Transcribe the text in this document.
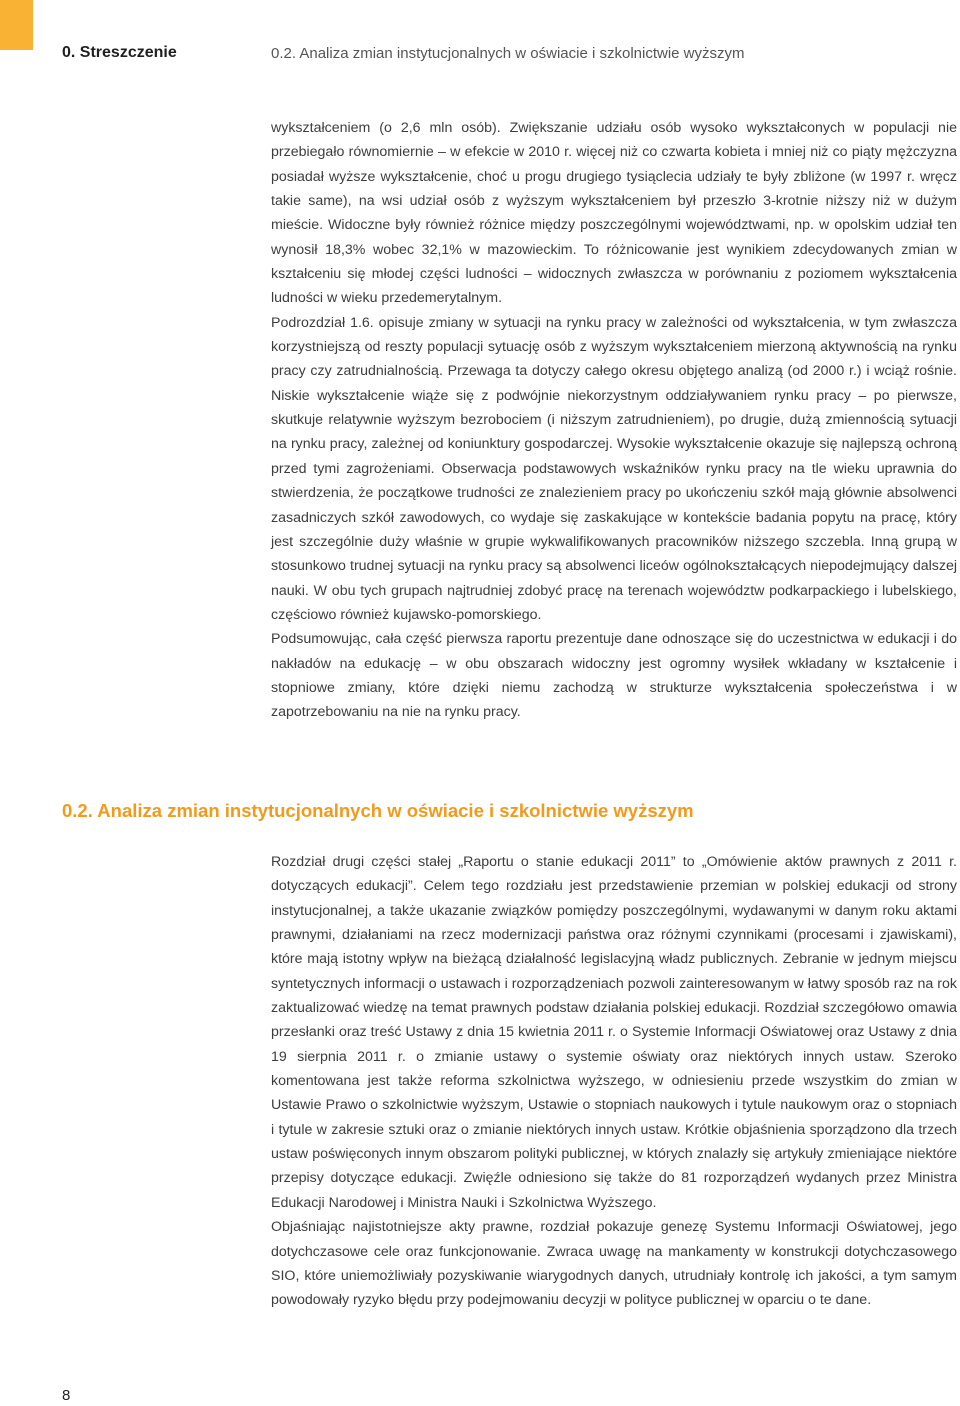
0. Streszczenie	0.2. Analiza zmian instytucjonalnych w oświacie i szkolnictwie wyższym

wykształceniem (o 2,6 mln osób). Zwiększanie udziału osób wysoko wykształconych w populacji nie przebiegało równomiernie – w efekcie w 2010 r. więcej niż co czwarta kobieta i mniej niż co piąty mężczyzna posiadał wyższe wykształcenie, choć u progu drugiego tysiąclecia udziały te były zbliżone (w 1997 r. wręcz takie same), na wsi udział osób z wyższym wykształceniem był przeszło 3-krotnie niższy niż w dużym mieście. Widoczne były również różnice między poszczególnymi województwami, np. w opolskim udział ten wynosił 18,3% wobec 32,1% w mazowieckim. To różnicowanie jest wynikiem zdecydowanych zmian w kształceniu się młodej części ludności – widocznych zwłaszcza w porównaniu z poziomem wykształcenia ludności w wieku przedemerytalnym.

Podrozdział 1.6. opisuje zmiany w sytuacji na rynku pracy w zależności od wykształcenia, w tym zwłaszcza korzystniejszą od reszty populacji sytuację osób z wyższym wykształceniem mierzoną aktywnością na rynku pracy czy zatrudnialnością. Przewaga ta dotyczy całego okresu objętego analizą (od 2000 r.) i wciąż rośnie. Niskie wykształcenie wiąże się z podwójnie niekorzystnym oddziaływaniem rynku pracy – po pierwsze, skutkuje relatywnie wyższym bezrobociem (i niższym zatrudnieniem), po drugie, dużą zmiennością sytuacji na rynku pracy, zależnej od koniunktury gospodarczej. Wysokie wykształcenie okazuje się najlepszą ochroną przed tymi zagrożeniami. Obserwacja podstawowych wskaźników rynku pracy na tle wieku uprawnia do stwierdzenia, że początkowe trudności ze znalezieniem pracy po ukończeniu szkół mają głównie absolwenci zasadniczych szkół zawodowych, co wydaje się zaskakujące w kontekście badania popytu na pracę, który jest szczególnie duży właśnie w grupie wykwalifikowanych pracowników niższego szczebla. Inną grupą w stosunkowo trudnej sytuacji na rynku pracy są absolwenci liceów ogólnokształcących niepodejmujący dalszej nauki. W obu tych grupach najtrudniej zdobyć pracę na terenach województw podkarpackiego i lubelskiego, częściowo również kujawsko-pomorskiego.

Podsumowując, cała część pierwsza raportu prezentuje dane odnoszące się do uczestnictwa w edukacji i do nakładów na edukację – w obu obszarach widoczny jest ogromny wysiłek wkładany w kształcenie i stopniowe zmiany, które dzięki niemu zachodzą w strukturze wykształcenia społeczeństwa i w zapotrzebowaniu na nie na rynku pracy.

0.2. Analiza zmian instytucjonalnych w oświacie i szkolnictwie wyższym

Rozdział drugi części stałej „Raportu o stanie edukacji 2011” to „Omówienie aktów prawnych z 2011 r. dotyczących edukacji”. Celem tego rozdziału jest przedstawienie przemian w polskiej edukacji od strony instytucjonalnej, a także ukazanie związków pomiędzy poszczególnymi, wydawanymi w danym roku aktami prawnymi, działaniami na rzecz modernizacji państwa oraz różnymi czynnikami (procesami i zjawiskami), które mają istotny wpływ na bieżącą działalność legislacyjną władz publicznych. Zebranie w jednym miejscu syntetycznych informacji o ustawach i rozporządzeniach pozwoli zainteresowanym w łatwy sposób raz na rok zaktualizować wiedzę na temat prawnych podstaw działania polskiej edukacji. Rozdział szczegółowo omawia przesłanki oraz treść Ustawy z dnia 15 kwietnia 2011 r. o Systemie Informacji Oświatowej oraz Ustawy z dnia 19 sierpnia 2011 r. o zmianie ustawy o systemie oświaty oraz niektórych innych ustaw. Szeroko komentowana jest także reforma szkolnictwa wyższego, w odniesieniu przede wszystkim do zmian w Ustawie Prawo o szkolnictwie wyższym, Ustawie o stopniach naukowych i tytule naukowym oraz o stopniach i tytule w zakresie sztuki oraz o zmianie niektórych innych ustaw. Krótkie objaśnienia sporządzono dla trzech ustaw poświęconych innym obszarom polityki publicznej, w których znalazły się artykuły zmieniające niektóre przepisy dotyczące edukacji. Zwięźle odniesiono się także do 81 rozporządzeń wydanych przez Ministra Edukacji Narodowej i Ministra Nauki i Szkolnictwa Wyższego.

Objaśniając najistotniejsze akty prawne, rozdział pokazuje genezę Systemu Informacji Oświatowej, jego dotychczasowe cele oraz funkcjonowanie. Zwraca uwagę na mankamenty w konstrukcji dotychczasowego SIO, które uniemożliwiały pozyskiwanie wiarygodnych danych, utrudniały kontrolę ich jakości, a tym samym powodowały ryzyko błędu przy podejmowaniu decyzji w polityce publicznej w oparciu o te dane.

8
